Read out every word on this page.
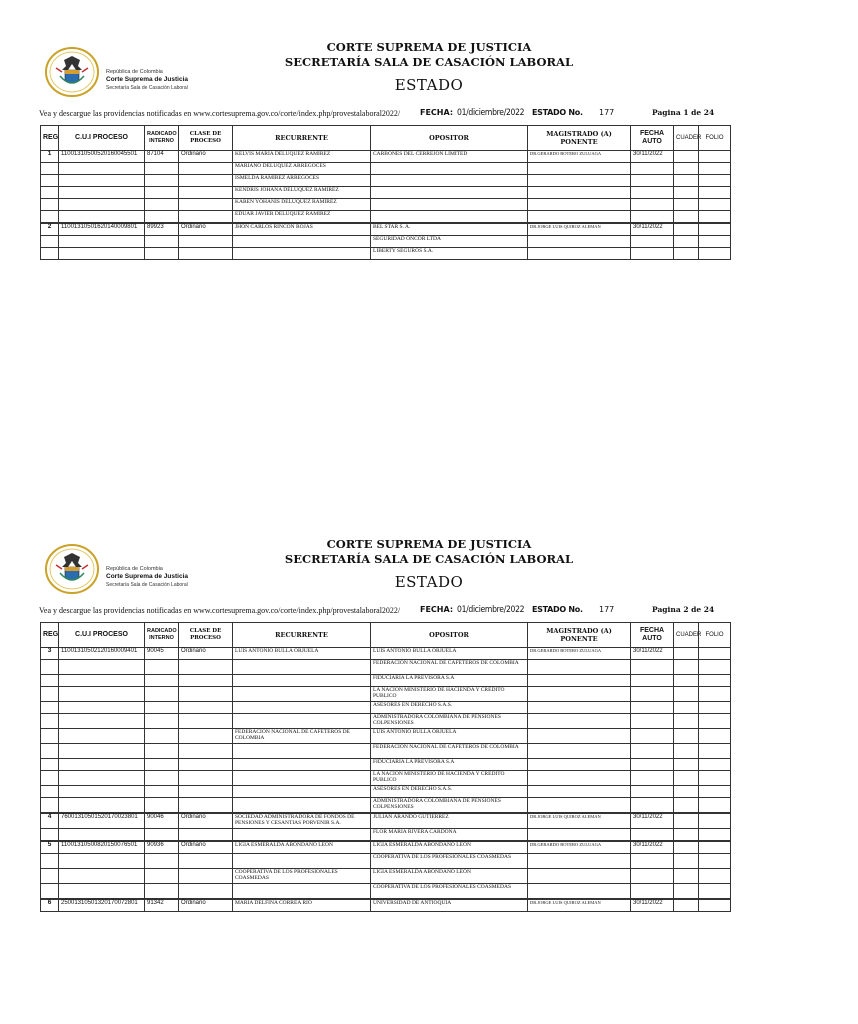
República de Colombia
Corte Suprema de Justicia
Secretaría Sala de Casación Laboral
CORTE SUPREMA DE JUSTICIA
SECRETARÍA SALA DE CASACIÓN LABORAL
ESTADO
Vea y descargue las providencias notificadas en www.cortesuprema.gov.co/corte/index.php/provestalaboral2022/ FECHA: 01/diciembre/2022 ESTADO No. 177	Pagina 1 de 24
REG	C.U.I PROCESO	RADICADO INTERNO	CLASE DE PROCESO	RECURRENTE	OPOSITOR	MAGISTRADO (A) PONENTE	FECHA AUTO	CUADER	FOLIO
1	11001310500520160045501	87104	Ordinario	KELVIS MARIA DELUQUEZ RAMIREZ	CARBONES DEL CERREJON LIMITED	DR.GERARDO BOTERO ZULUAGA	30/11/2022		
				MARIANO DELUQUEZ ARREGOCES					
				ISMELDA RAMIREZ ARREGOCES					
				KENDRIS JOHANA DELUQUEZ RAMIREZ					
				KAREN YOHANIS DELUQUEZ RAMIREZ					
				EDUAR JAVIER DELUQUEZ RAMIREZ					
2	11001310501620140009801	89923	Ordinario	JHON CARLOS RINCON ROJAS	BEL STAR S. A.	DR.JORGE LUIS QUIROZ ALEMAN	30/11/2022		
					SEGURIDAD ONCOR LTDA				
					LIBERTY SEGUROS S.A.				
República de Colombia
Corte Suprema de Justicia
Secretaría Sala de Casación Laboral
CORTE SUPREMA DE JUSTICIA
SECRETARÍA SALA DE CASACIÓN LABORAL
ESTADO
Vea y descargue las providencias notificadas en www.cortesuprema.gov.co/corte/index.php/provestalaboral2022/ FECHA: 01/diciembre/2022 ESTADO No. 177	Pagina 2 de 24
REG	C.U.I PROCESO	RADICADO INTERNO	CLASE DE PROCESO	RECURRENTE	OPOSITOR	MAGISTRADO (A) PONENTE	FECHA AUTO	CUADER	FOLIO
3	11001310502120160009401	90045	Ordinario	LUIS ANTONIO BULLA ORJUELA	LUIS ANTONIO BULLA ORJUELA	DR.GERARDO BOTERO ZULUAGA	30/11/2022		
					FEDERACION NACIONAL DE CAFETEROS DE COLOMBIA				
					FIDUCIARIA LA PREVISORA S.A				
					LA NACION MINISTERIO DE HACIENDA Y CREDITO PUBLICO				
					ASESORES EN DERECHO S.A.S.				
					ADMINISTRADORA COLOMBIANA DE PENSIONES COLPENSIONES				
				FEDERACION NACIONAL DE CAFETEROS DE COLOMBIA	LUIS ANTONIO BULLA ORJUELA				
					FEDERACION NACIONAL DE CAFETEROS DE COLOMBIA				
					FIDUCIARIA LA PREVISORA S.A				
					LA NACION MINISTERIO DE HACIENDA Y CREDITO PUBLICO				
					ASESORES EN DERECHO S.A.S.				
					ADMINISTRADORA COLOMBIANA DE PENSIONES COLPENSIONES				
4	76001310501520170023801	90046	Ordinario	SOCIEDAD ADMINISTRADORA DE FONDOS DE PENSIONES Y CESANTIAS PORVENIR S.A.	JULIAN ARANDO GUTIERREZ	DR.JORGE LUIS QUIROZ ALEMAN	30/11/2022		
					FLOR MARIA RIVERA CARDONA				
5	11001310500820150076501	90936	Ordinario	LIGIA ESMERALDA ABONDANO LEON	LIGIA ESMERALDA ABONDANO LEÓN	DR.GERARDO BOTERO ZULUAGA	30/11/2022		
					COOPERATIVA DE LOS PROFESIONALES COASMEDAS				
				COOPERATIVA DE LOS PROFESIONALES COASMEDAS	LIGIA ESMERALDA ABONDANO LEÓN				
					COOPERATIVA DE LOS PROFESIONALES COASMEDAS				
6	25001310501320170072801	91342	Ordinario	MARIA DELFINA CORREA RIO	UNIVERSIDAD DE ANTIOQUIA	DR.JORGE LUIS QUIROZ ALEMAN	30/11/2022		
